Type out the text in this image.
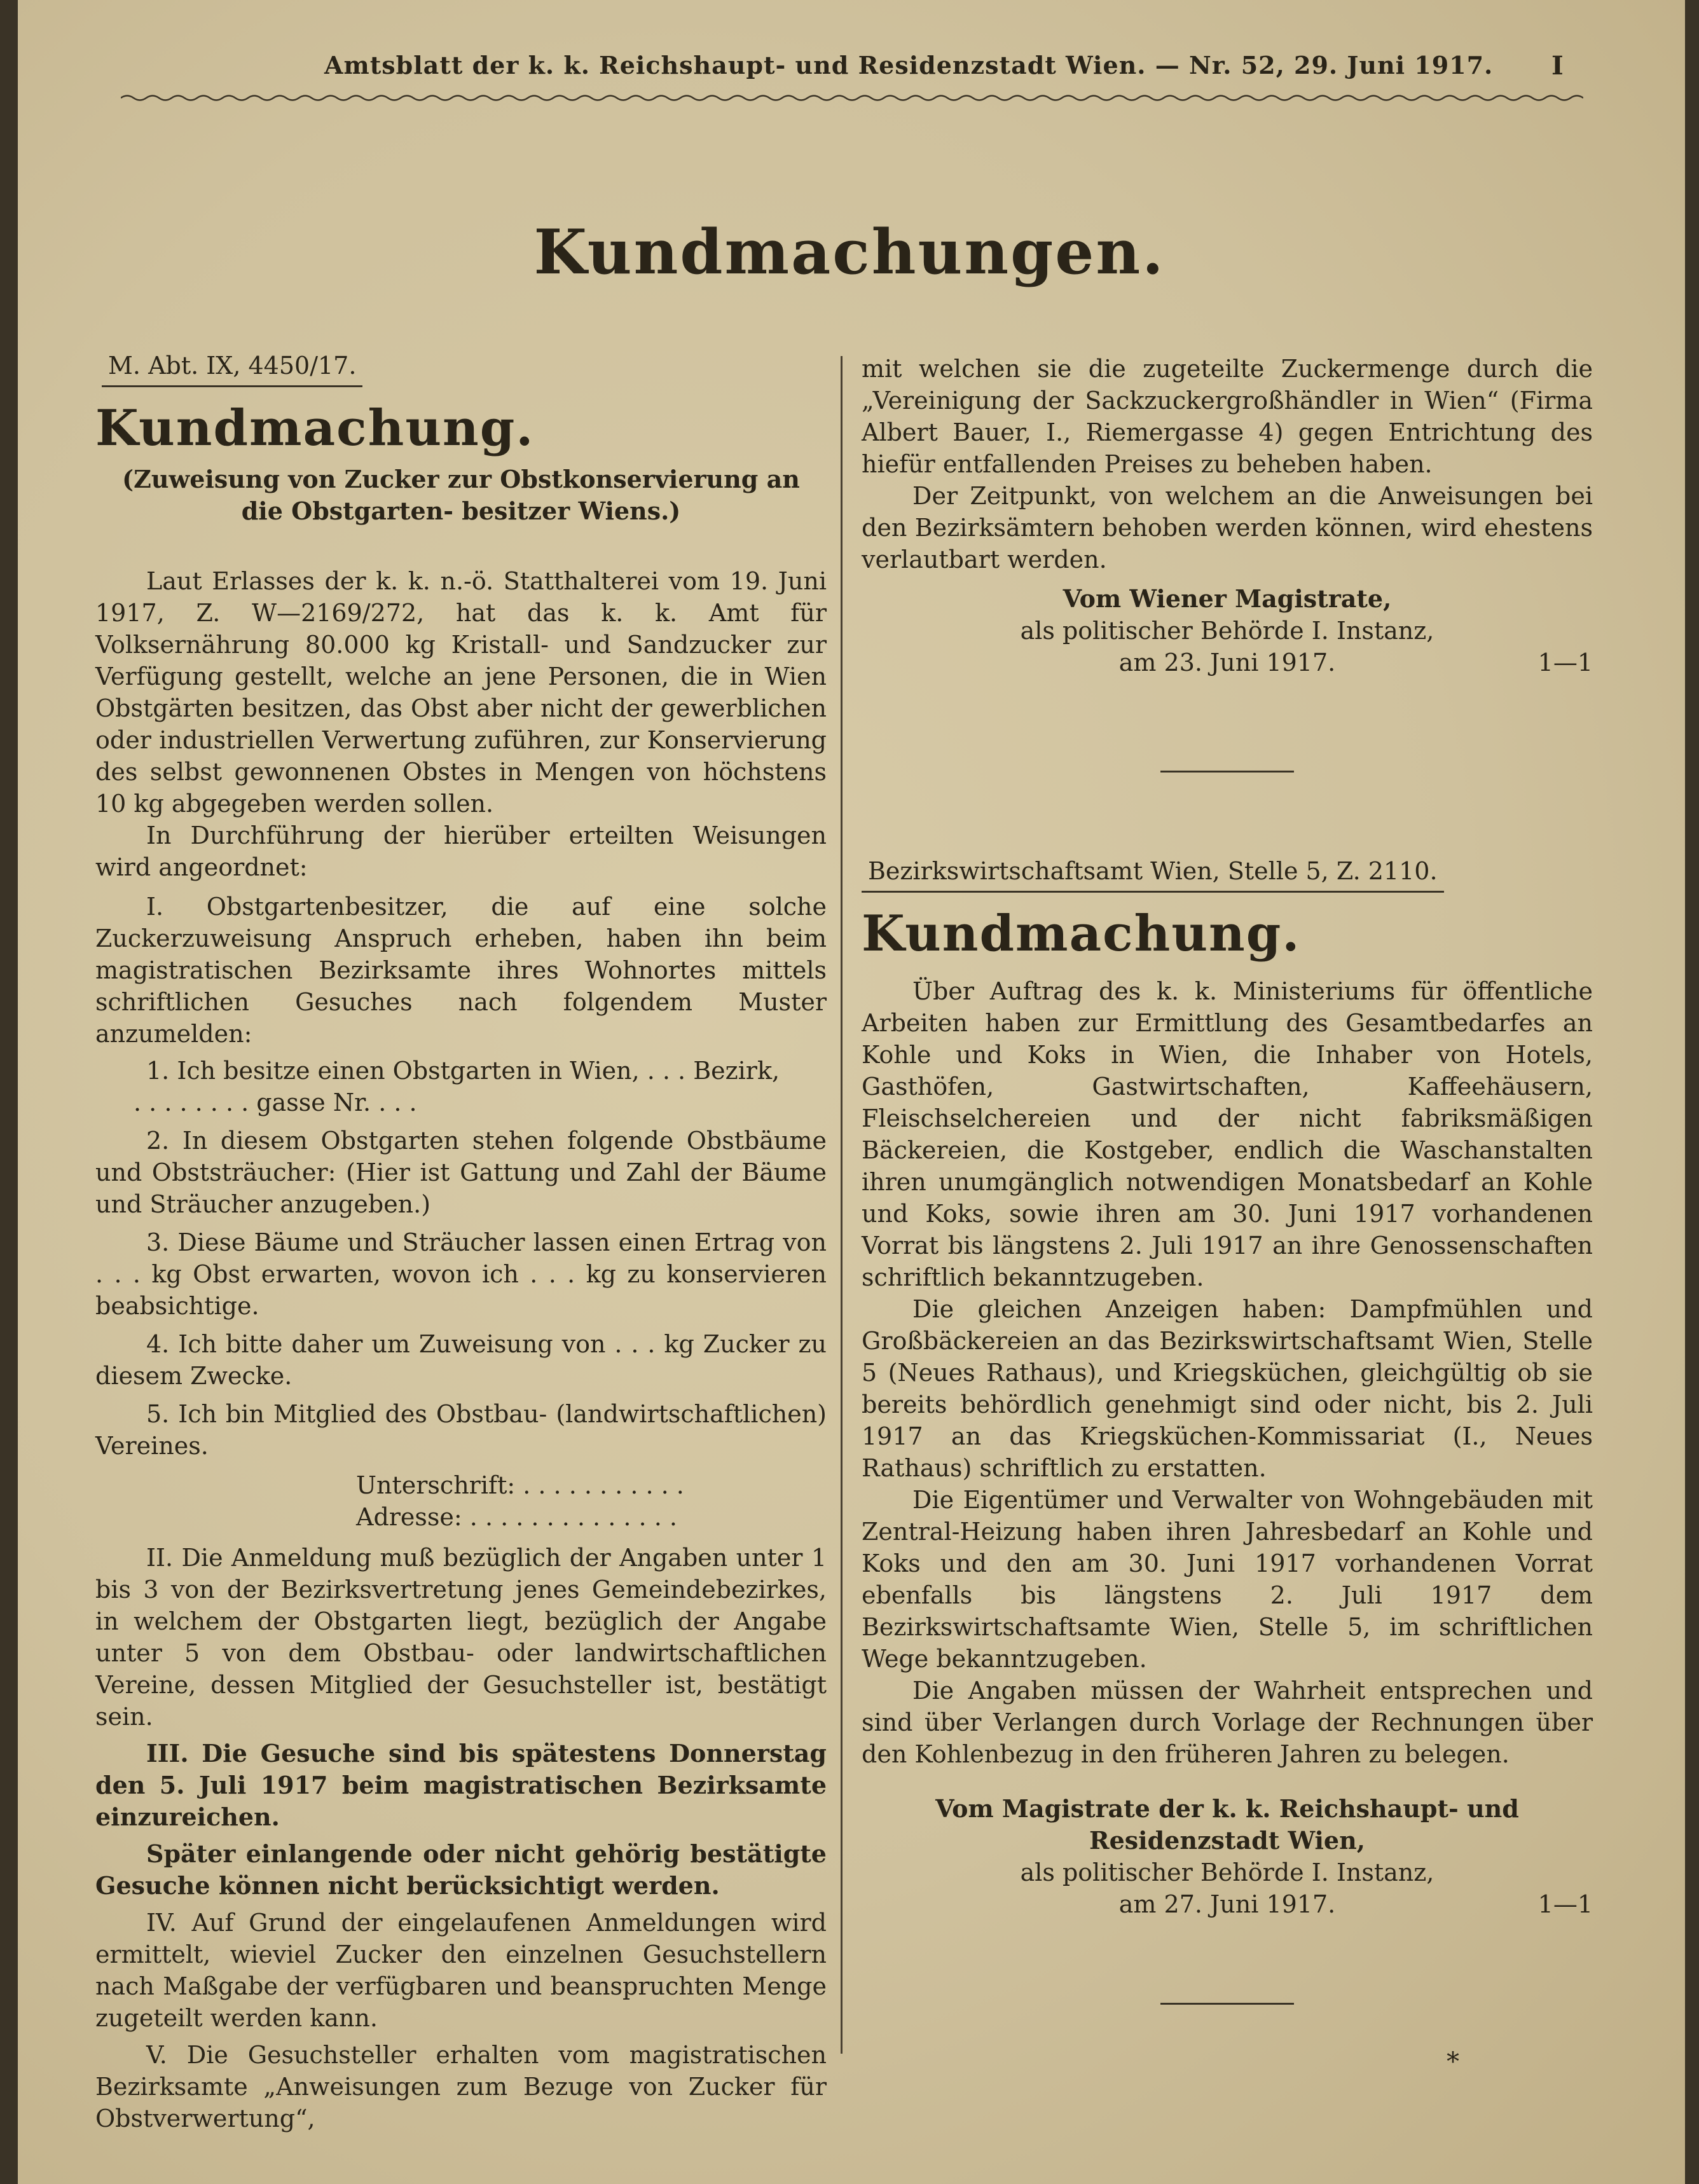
Amtsblatt der k. k. Reichshaupt- und Residenzstadt Wien. — Nr. 52, 29. Juni 1917. I
Kundmachungen.
M. Abt. IX, 4450/17.

Kundmachung.

(Zuweisung von Zucker zur Obstkonservierung an die Obstgarten- besitzer Wiens.)

Laut Erlasses der k. k. n.-ö. Statthalterei vom 19. Juni 1917, Z. W—2169/272, hat das k. k. Amt für Volksernährung 80.000 kg Kristall- und Sandzucker zur Verfügung gestellt, welche an jene Personen, die in Wien Obstgärten besitzen, das Obst aber nicht der gewerblichen oder industriellen Verwertung zuführen, zur Konservierung des selbst gewonnenen Obstes in Mengen von höchstens 10 kg abgegeben werden sollen.

In Durchführung der hierüber erteilten Weisungen wird angeordnet:

I. Obstgartenbesitzer, die auf eine solche Zuckerzuweisung Anspruch erheben, haben ihn beim magistratischen Bezirksamte ihres Wohnortes mittels schriftlichen Gesuches nach folgendem Muster anzumelden:

1. Ich besitze einen Obstgarten in Wien, . . . Bezirk,

. . . . . . . . gasse Nr. . . .

2. In diesem Obstgarten stehen folgende Obstbäume und Obststräucher: (Hier ist Gattung und Zahl der Bäume und Sträucher anzugeben.)

3. Diese Bäume und Sträucher lassen einen Ertrag von . . . kg Obst erwarten, wovon ich . . . kg zu konservieren beabsichtige.

4. Ich bitte daher um Zuweisung von . . . kg Zucker zu diesem Zwecke.

5. Ich bin Mitglied des Obstbau- (landwirtschaftlichen) Vereines.

Unterschrift: . . . . . . . . . . .

Adresse: . . . . . . . . . . . . . .

II. Die Anmeldung muß bezüglich der Angaben unter 1 bis 3 von der Bezirksvertretung jenes Gemeindebezirkes, in welchem der Obstgarten liegt, bezüglich der Angabe unter 5 von dem Obstbau- oder landwirtschaftlichen Vereine, dessen Mitglied der Gesuchsteller ist, bestätigt sein.

III. Die Gesuche sind bis spätestens Donnerstag den 5. Juli 1917 beim magistratischen Bezirksamte einzureichen.

Später einlangende oder nicht gehörig bestätigte Gesuche können nicht berücksichtigt werden.

IV. Auf Grund der eingelaufenen Anmeldungen wird ermittelt, wieviel Zucker den einzelnen Gesuchstellern nach Maßgabe der verfügbaren und beanspruchten Menge zugeteilt werden kann.

V. Die Gesuchsteller erhalten vom magistratischen Bezirksamte „Anweisungen zum Bezuge von Zucker für Obstverwertung“,

mit welchen sie die zugeteilte Zuckermenge durch die „Vereinigung der Sackzuckergroßhändler in Wien“ (Firma Albert Bauer, I., Riemergasse 4) gegen Entrichtung des hiefür entfallenden Preises zu beheben haben.

Der Zeitpunkt, von welchem an die Anweisungen bei den Bezirksämtern behoben werden können, wird ehestens verlautbart werden.

Vom Wiener Magistrate,

als politischer Behörde I. Instanz,

am 23. Juni 1917.	1—1
Bezirkswirtschaftsamt Wien, Stelle 5, Z. 2110.

Kundmachung.

Über Auftrag des k. k. Ministeriums für öffentliche Arbeiten haben zur Ermittlung des Gesamtbedarfes an Kohle und Koks in Wien, die Inhaber von Hotels, Gasthöfen, Gastwirtschaften, Kaffeehäusern, Fleischselchereien und der nicht fabriksmäßigen Bäckereien, die Kostgeber, endlich die Waschanstalten ihren unumgänglich notwendigen Monatsbedarf an Kohle und Koks, sowie ihren am 30. Juni 1917 vorhandenen Vorrat bis längstens 2. Juli 1917 an ihre Genossenschaften schriftlich bekanntzugeben.

Die gleichen Anzeigen haben: Dampfmühlen und Großbäckereien an das Bezirkswirtschaftsamt Wien, Stelle 5 (Neues Rathaus), und Kriegsküchen, gleichgültig ob sie bereits behördlich genehmigt sind oder nicht, bis 2. Juli 1917 an das Kriegsküchen-Kommissariat (I., Neues Rathaus) schriftlich zu erstatten.

Die Eigentümer und Verwalter von Wohngebäuden mit Zentral-Heizung haben ihren Jahresbedarf an Kohle und Koks und den am 30. Juni 1917 vorhandenen Vorrat ebenfalls bis längstens 2. Juli 1917 dem Bezirkswirtschaftsamte Wien, Stelle 5, im schriftlichen Wege bekanntzugeben.

Die Angaben müssen der Wahrheit entsprechen und sind über Verlangen durch Vorlage der Rechnungen über den Kohlenbezug in den früheren Jahren zu belegen.

Vom Magistrate der k. k. Reichshaupt- und Residenzstadt Wien,

als politischer Behörde I. Instanz,

am 27. Juni 1917.	1—1
*
